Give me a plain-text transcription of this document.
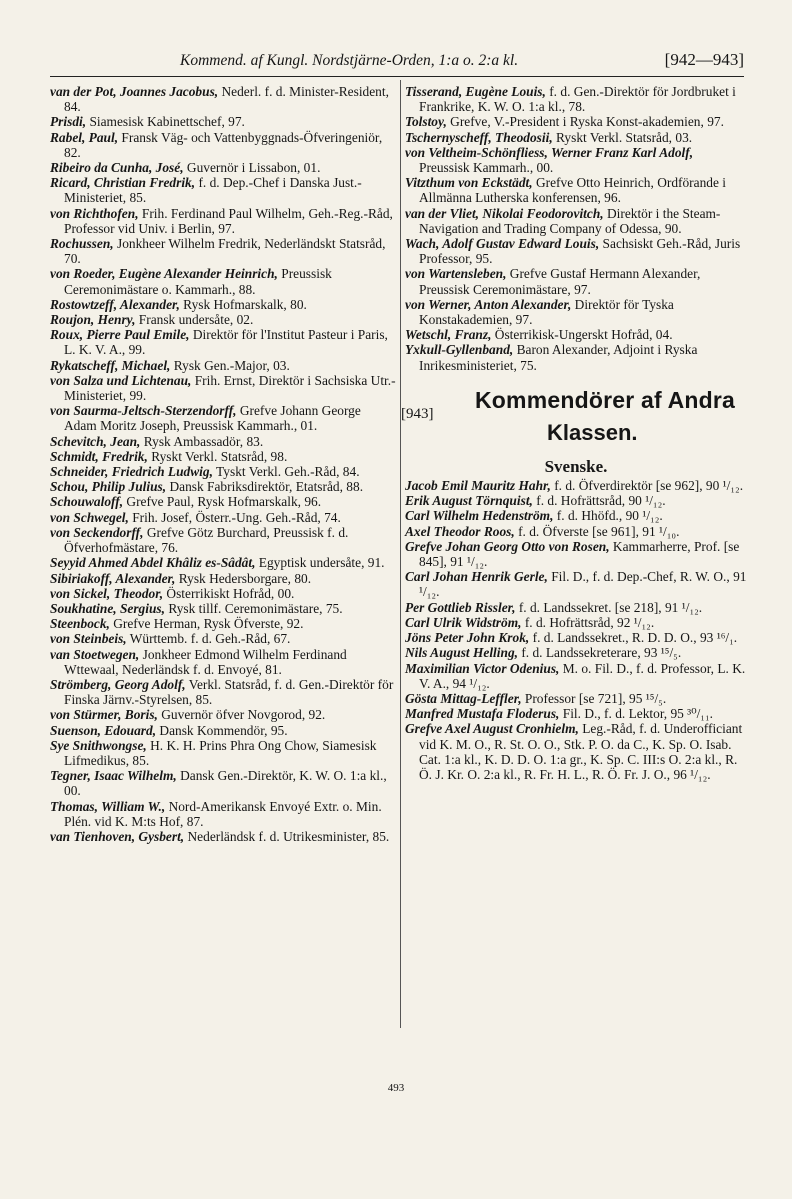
Kommend. af Kungl. Nordstjärne-Orden, 1:a o. 2:a kl.	[942—943]

van der Pot, Joannes Jacobus, Nederl. f. d. Minister-Resident, 84.

Prisdi, Siamesisk Kabinettschef, 97.

Rabel, Paul, Fransk Väg- och Vattenbyggnads-Öfveringeniör, 82.

Ribeiro da Cunha, José, Guvernör i Lissabon, 01.

Ricard, Christian Fredrik, f. d. Dep.-Chef i Danska Just.-Ministeriet, 85.

von Richthofen, Frih. Ferdinand Paul Wilhelm, Geh.-Reg.-Råd, Professor vid Univ. i Berlin, 97.

Rochussen, Jonkheer Wilhelm Fredrik, Nederländskt Statsråd, 70.

von Roeder, Eugène Alexander Heinrich, Preussisk Ceremonimästare o. Kammarh., 88.

Rostowtzeff, Alexander, Rysk Hofmarskalk, 80.

Roujon, Henry, Fransk undersåte, 02.

Roux, Pierre Paul Emile, Direktör för l'Institut Pasteur i Paris, L. K. V. A., 99.

Rykatscheff, Michael, Rysk Gen.-Major, 03.

von Salza und Lichtenau, Frih. Ernst, Direktör i Sachsiska Utr.-Ministeriet, 99.

von Saurma-Jeltsch-Sterzendorff, Grefve Johann George Adam Moritz Joseph, Preussisk Kammarh., 01.

Schevitch, Jean, Rysk Ambassadör, 83.

Schmidt, Fredrik, Ryskt Verkl. Statsråd, 98.

Schneider, Friedrich Ludwig, Tyskt Verkl. Geh.-Råd, 84.

Schou, Philip Julius, Dansk Fabriksdirektör, Etatsråd, 88.

Schouwaloff, Grefve Paul, Rysk Hofmarskalk, 96.

von Schwegel, Frih. Josef, Österr.-Ung. Geh.-Råd, 74.

von Seckendorff, Grefve Götz Burchard, Preussisk f. d. Öfverhofmästare, 76.

Seyyid Ahmed Abdel Khâliz es-Sâdât, Egyptisk undersåte, 91.

Sibiriakoff, Alexander, Rysk Hedersborgare, 80.

von Sickel, Theodor, Österrikiskt Hofråd, 00.

Soukhatine, Sergius, Rysk tillf. Ceremonimästare, 75.

Steenbock, Grefve Herman, Rysk Öfverste, 92.

von Steinbeis, Württemb. f. d. Geh.-Råd, 67.

van Stoetwegen, Jonkheer Edmond Wilhelm Ferdinand Wttewaal, Nederländsk f. d. Envoyé, 81.

Strömberg, Georg Adolf, Verkl. Statsråd, f. d. Gen.-Direktör för Finska Järnv.-Styrelsen, 85.

von Stürmer, Boris, Guvernör öfver Novgorod, 92.

Suenson, Edouard, Dansk Kommendör, 95.

Sye Snithwongse, H. K. H. Prins Phra Ong Chow, Siamesisk Lifmedikus, 85.

Tegner, Isaac Wilhelm, Dansk Gen.-Direktör, K. W. O. 1:a kl., 00.

Thomas, William W., Nord-Amerikansk Envoyé Extr. o. Min. Plén. vid K. M:ts Hof, 87.

van Tienhoven, Gysbert, Nederländsk f. d. Utrikesminister, 85.

Tisserand, Eugène Louis, f. d. Gen.-Direktör för Jordbruket i Frankrike, K. W. O. 1:a kl., 78.

Tolstoy, Grefve, V.-President i Ryska Konst-akademien, 97.

Tschernyscheff, Theodosii, Ryskt Verkl. Statsråd, 03.

von Veltheim-Schönfliess, Werner Franz Karl Adolf, Preussisk Kammarh., 00.

Vitzthum von Eckstädt, Grefve Otto Heinrich, Ordförande i Allmänna Lutherska konferensen, 96.

van der Vliet, Nikolai Feodorovitch, Direktör i the Steam-Navigation and Trading Company of Odessa, 90.

Wach, Adolf Gustav Edward Louis, Sachsiskt Geh.-Råd, Juris Professor, 95.

von Wartensleben, Grefve Gustaf Hermann Alexander, Preussisk Ceremonimästare, 97.

von Werner, Anton Alexander, Direktör för Tyska Konstakademien, 97.

Wetschl, Franz, Österrikisk-Ungerskt Hofråd, 04.

Yxkull-Gyllenband, Baron Alexander, Adjoint i Ryska Inrikesministeriet, 75.

[943]
Kommendörer af Andra
Klassen.
Svenske.

Jacob Emil Mauritz Hahr, f. d. Öfverdirektör [se 962], 90 ¹/₁₂.

Erik August Törnquist, f. d. Hofrättsråd, 90 ¹/₁₂.

Carl Wilhelm Hedenström, f. d. Hhöfd., 90 ¹/₁₂.

Axel Theodor Roos, f. d. Öfverste [se 961], 91 ¹/₁₀.

Grefve Johan Georg Otto von Rosen, Kammarherre, Prof. [se 845], 91 ¹/₁₂.

Carl Johan Henrik Gerle, Fil. D., f. d. Dep.-Chef, R. W. O., 91 ¹/₁₂.

Per Gottlieb Rissler, f. d. Landssekret. [se 218], 91 ¹/₁₂.

Carl Ulrik Widström, f. d. Hofrättsråd, 92 ¹/₁₂.

Jöns Peter John Krok, f. d. Landssekret., R. D. D. O., 93 ¹⁶/₁.

Nils August Helling, f. d. Landssekreterare, 93 ¹⁵/₅.

Maximilian Victor Odenius, M. o. Fil. D., f. d. Professor, L. K. V. A., 94 ¹/₁₂.

Gösta Mittag-Leffler, Professor [se 721], 95 ¹⁵/₅.

Manfred Mustafa Floderus, Fil. D., f. d. Lektor, 95 ³⁰/₁₁.

Grefve Axel August Cronhielm, Leg.-Råd, f. d. Underofficiant vid K. M. O., R. St. O. O., Stk. P. O. da C., K. Sp. O. Isab. Cat. 1:a kl., K. D. D. O. 1:a gr., K. Sp. C. III:s O. 2:a kl., R. Ö. J. Kr. O. 2:a kl., R. Fr. H. L., R. Ö. Fr. J. O., 96 ¹/₁₂.

493
